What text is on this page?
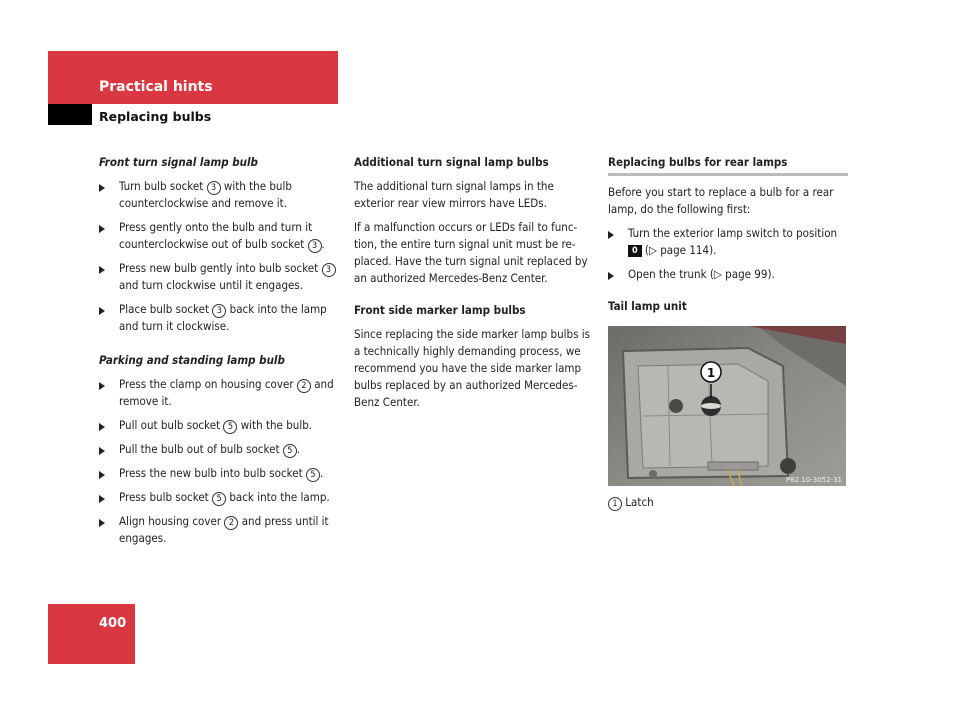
Practical hints
Replacing bulbs
Front turn signal lamp bulb
Turn bulb socket 3 with the bulb counterclockwise and remove it.
Press gently onto the bulb and turn it counterclockwise out of bulb socket 3 .
Press new bulb gently into bulb socket 3 and turn clockwise until it engages.
Place bulb socket 3 back into the lamp and turn it clockwise.
Parking and standing lamp bulb
Press the clamp on housing cover 2 and remove it.
Pull out bulb socket 5 with the bulb.
Pull the bulb out of bulb socket 5 .
Press the new bulb into bulb socket 5 .
Press bulb socket 5 back into the lamp.
Align housing cover 2 and press until it engages.
Additional turn signal lamp bulbs

The additional turn signal lamps in the exterior rear view mirrors have LEDs.

If a malfunction occurs or LEDs fail to func-tion, the entire turn signal unit must be re-placed. Have the turn signal unit replaced by an authorized Mercedes-Benz Center.

Front side marker lamp bulbs

Since replacing the side marker lamp bulbs is a technically highly demanding process, we recommend you have the side marker lamp bulbs replaced by an authorized Mercedes-Benz Center.

Replacing bulbs for rear lamps

Before you start to replace a bulb for a rear lamp, do the following first:

Turn the exterior lamp switch to position 0 (▷ page 114).
Open the trunk (▷ page 99).
Tail lamp unit
1
P82.10-3052-31
1 Latch
400
